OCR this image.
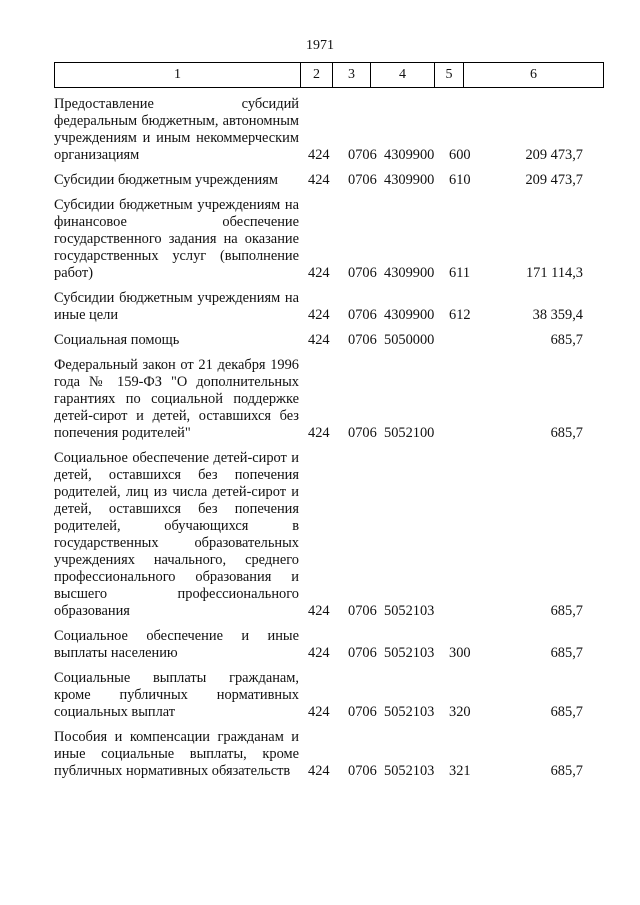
1971
1	2	3	4	5	6
Предоставление субсидий федеральным бюджетным, автономным учреждениям и иным некоммерческим организациям	424 0706 4309900 600	209 473,7
Субсидии бюджетным учреждениям	424 0706 4309900 610	209 473,7
Субсидии бюджетным учреждениям на финансовое обеспечение государственного задания на оказание государственных услуг (выполнение работ)	424 0706 4309900 611	171 114,3
Субсидии бюджетным учреждениям на иные цели	424 0706 4309900 612	38 359,4
Социальная помощь	424 0706 5050000	685,7
Федеральный закон от 21 декабря 1996 года № 159-ФЗ "О дополнительных гарантиях по социальной поддержке детей-сирот и детей, оставшихся без попечения родителей"	424 0706 5052100	685,7
Социальное обеспечение детей-сирот и детей, оставшихся без попечения родителей, лиц из числа детей-сирот и детей, оставшихся без попечения родителей, обучающихся в государственных образовательных учреждениях начального, среднего профессионального образования и высшего профессионального образования	424 0706 5052103	685,7
Социальное обеспечение и иные выплаты населению	424 0706 5052103 300	685,7
Социальные выплаты гражданам, кроме публичных нормативных социальных выплат	424 0706 5052103 320	685,7
Пособия и компенсации гражданам и иные социальные выплаты, кроме публичных нормативных обязательств	424 0706 5052103 321	685,7
